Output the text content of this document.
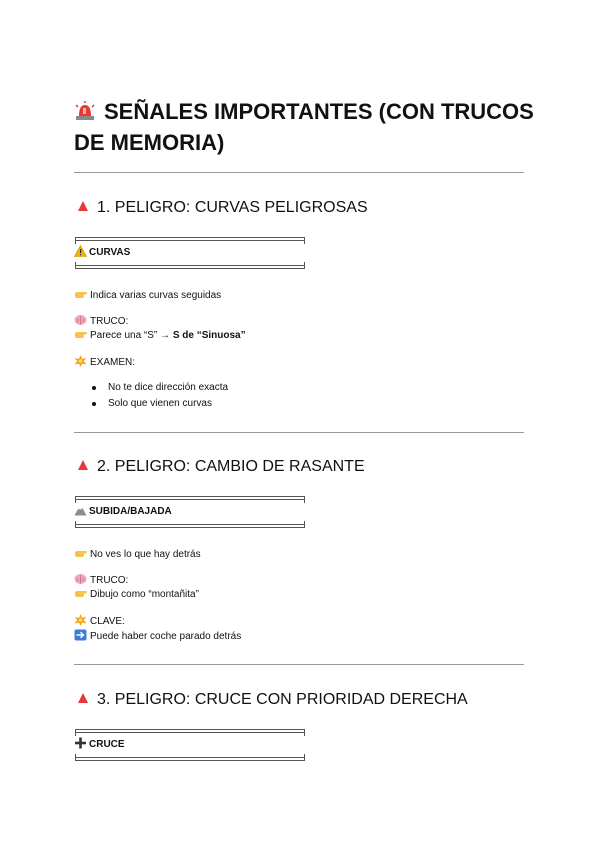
SEÑALES IMPORTANTES (CON TRUCOS DE MEMORIA)
1. PELIGRO: CURVAS PELIGROSAS
CURVAS
Indica varias curvas seguidas
TRUCO:
Parece una “S” → S de “Sinuosa”
EXAMEN:
No te dice dirección exacta
Solo que vienen curvas
2. PELIGRO: CAMBIO DE RASANTE
SUBIDA/BAJADA
No ves lo que hay detrás
TRUCO:
Dibujo como “montañita”
CLAVE:
Puede haber coche parado detrás
3. PELIGRO: CRUCE CON PRIORIDAD DERECHA
CRUCE
